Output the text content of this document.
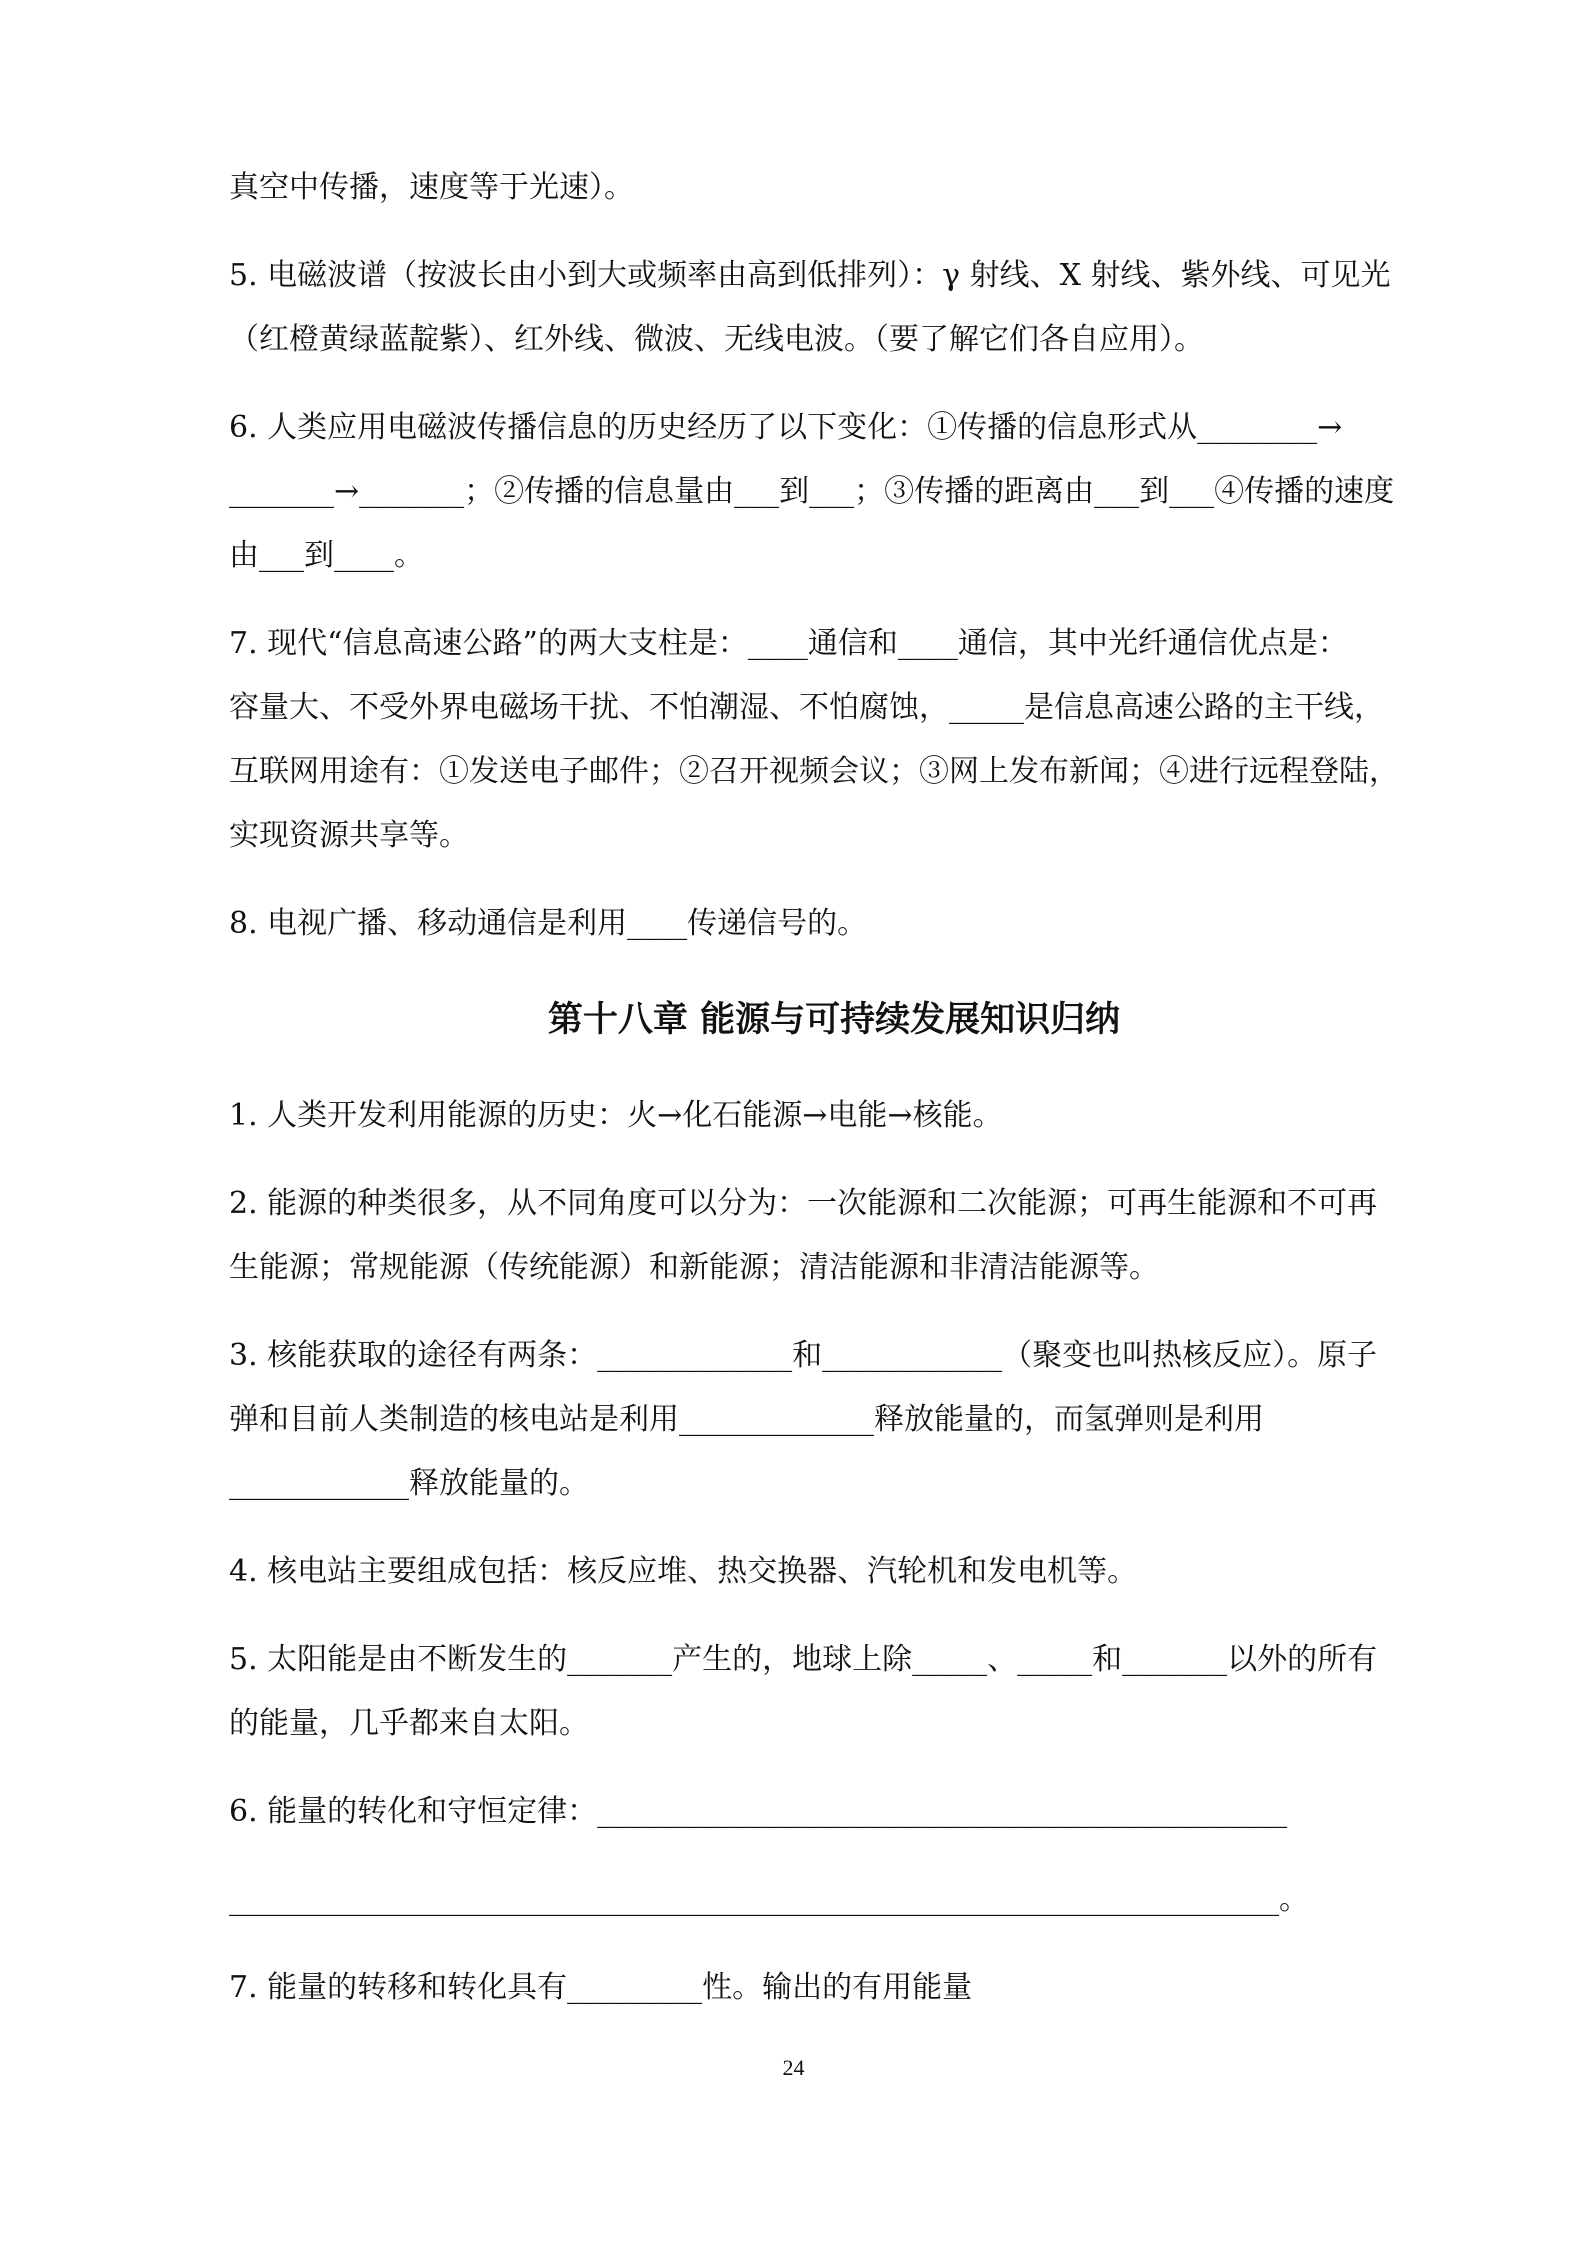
真空中传播，速度等于光速）。

5. 电磁波谱（按波长由小到大或频率由高到低排列）：γ 射线、X 射线、紫外线、可见光

（红橙黄绿蓝靛紫）、红外线、微波、无线电波。（要了解它们各自应用）。

6. 人类应用电磁波传播信息的历史经历了以下变化：①传播的信息形式从________→

_______→_______；②传播的信息量由___到___；③传播的距离由___到___④传播的速度

由___到____。

7. 现代“信息高速公路”的两大支柱是：____通信和____通信，其中光纤通信优点是：

容量大、不受外界电磁场干扰、不怕潮湿、不怕腐蚀，_____是信息高速公路的主干线，

互联网用途有：①发送电子邮件；②召开视频会议；③网上发布新闻；④进行远程登陆，

实现资源共享等。

8. 电视广播、移动通信是利用____传递信号的。

第十八章 能源与可持续发展知识归纳

1. 人类开发利用能源的历史：火→化石能源→电能→核能。

2. 能源的种类很多，从不同角度可以分为：一次能源和二次能源；可再生能源和不可再

生能源；常规能源（传统能源）和新能源；清洁能源和非清洁能源等。

3. 核能获取的途径有两条：_____________和____________（聚变也叫热核反应）。原子

弹和目前人类制造的核电站是利用_____________释放能量的，而氢弹则是利用

____________释放能量的。

4. 核电站主要组成包括：核反应堆、热交换器、汽轮机和发电机等。

5. 太阳能是由不断发生的_______产生的，地球上除_____、_____和_______以外的所有

的能量，几乎都来自太阳。

6. 能量的转化和守恒定律：______________________________________________

______________________________________________________________________。

7. 能量的转移和转化具有_________性。输出的有用能量

24
